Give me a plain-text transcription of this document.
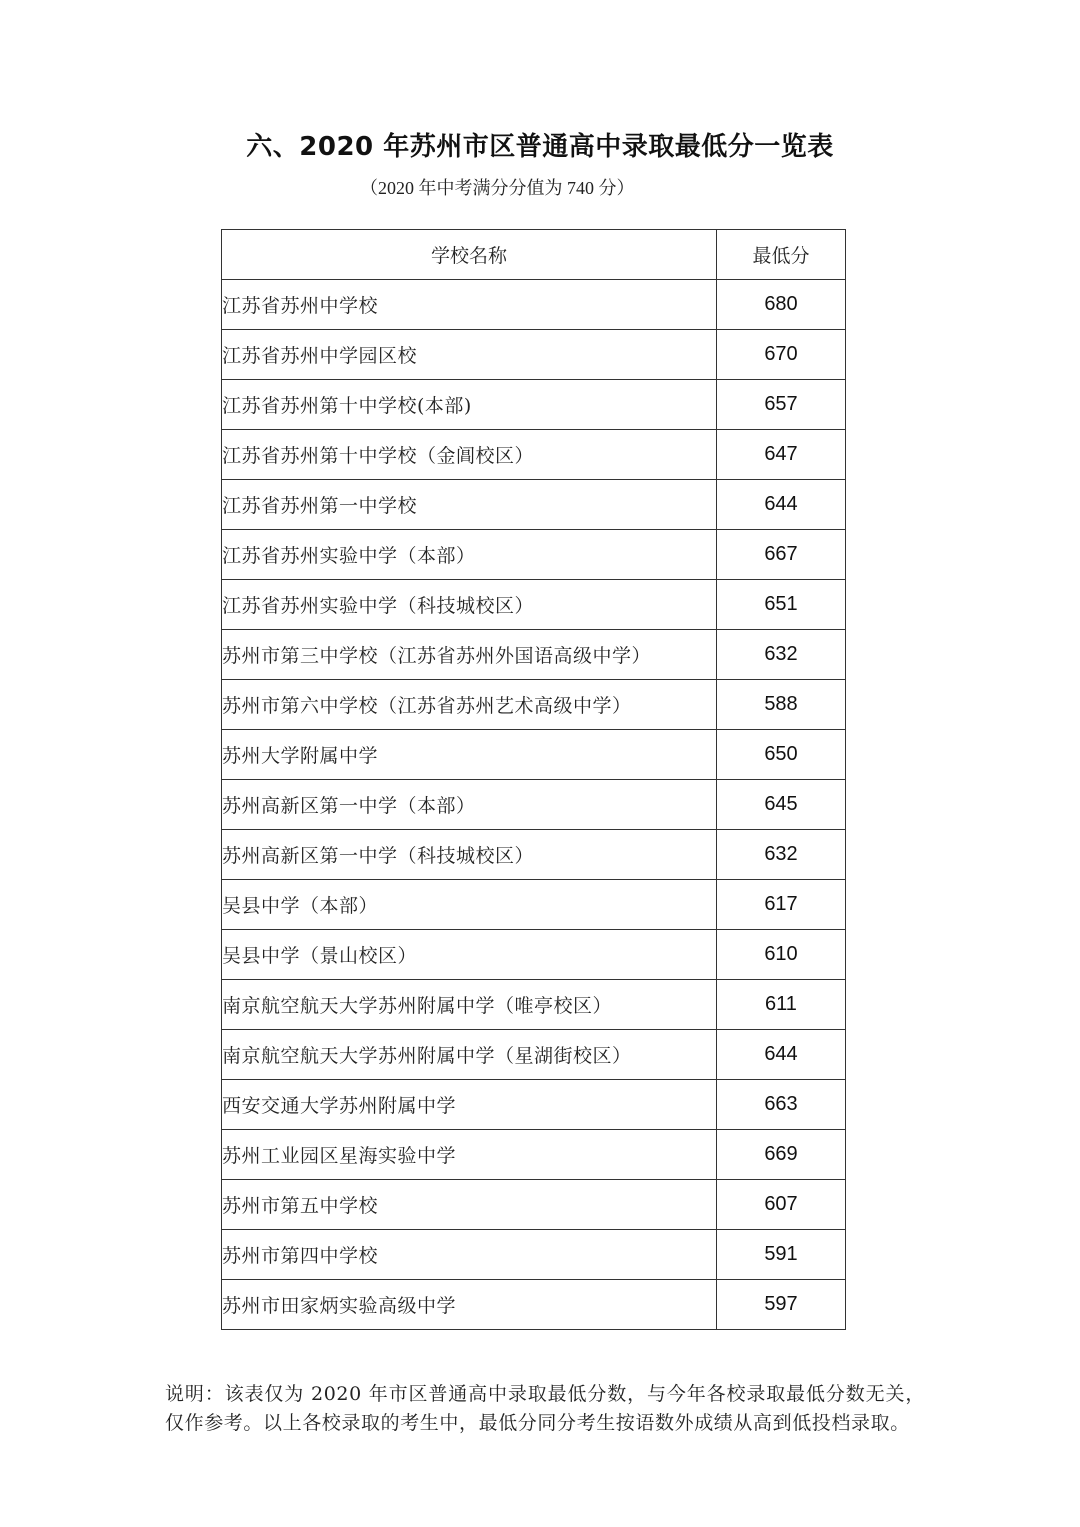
六、2020 年苏州市区普通高中录取最低分一览表
（2020 年中考满分分值为 740 分）
学校名称	最低分
江苏省苏州中学校	680
江苏省苏州中学园区校	670
江苏省苏州第十中学校(本部)	657
江苏省苏州第十中学校（金阊校区）	647
江苏省苏州第一中学校	644
江苏省苏州实验中学（本部）	667
江苏省苏州实验中学（科技城校区）	651
苏州市第三中学校（江苏省苏州外国语高级中学）	632
苏州市第六中学校（江苏省苏州艺术高级中学）	588
苏州大学附属中学	650
苏州高新区第一中学（本部）	645
苏州高新区第一中学（科技城校区）	632
吴县中学（本部）	617
吴县中学（景山校区）	610
南京航空航天大学苏州附属中学（唯亭校区）	611
南京航空航天大学苏州附属中学（星湖街校区）	644
西安交通大学苏州附属中学	663
苏州工业园区星海实验中学	669
苏州市第五中学校	607
苏州市第四中学校	591
苏州市田家炳实验高级中学	597
说明：该表仅为 2020 年市区普通高中录取最低分数，与今年各校录取最低分数无关，仅作参考。以上各校录取的考生中，最低分同分考生按语数外成绩从高到低投档录取。
